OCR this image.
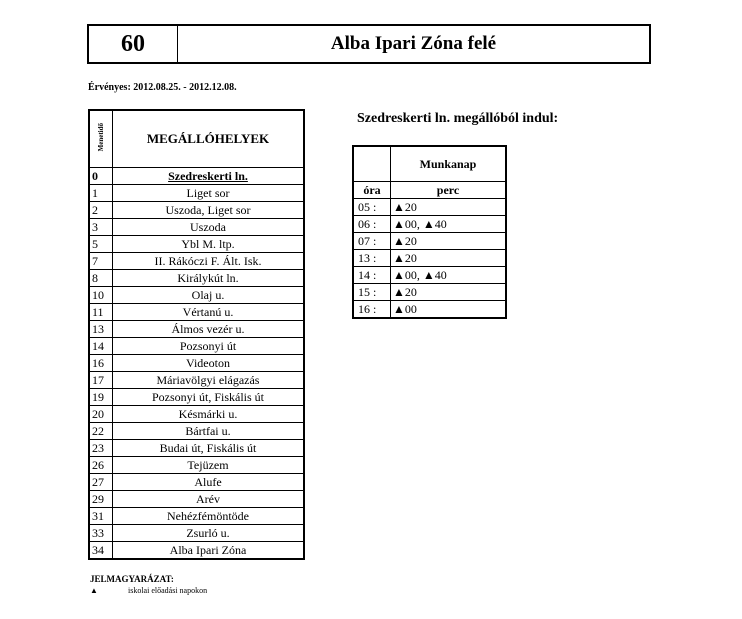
60	Alba Ipari Zóna felé
Érvényes: 2012.08.25. - 2012.12.08.
Menetidő	MEGÁLLÓHELYEK
0	Szedreskerti ln.
1	Liget sor
2	Uszoda, Liget sor
3	Uszoda
5	Ybl M. ltp.
7	II. Rákóczi F. Ált. Isk.
8	Királykút ln.
10	Olaj u.
11	Vértanú u.
13	Álmos vezér u.
14	Pozsonyi út
16	Videoton
17	Máriavölgyi elágazás
19	Pozsonyi út, Fiskális út
20	Késmárki u.
22	Bártfai u.
23	Budai út, Fiskális út
26	Tejüzem
27	Alufe
29	Arév
31	Nehézfémöntöde
33	Zsurló u.
34	Alba Ipari Zóna
Szedreskerti ln. megállóból indul:
	Munkanap
óra	perc
05 :	▲20
06 :	▲00, ▲40
07 :	▲20
13 :	▲20
14 :	▲00, ▲40
15 :	▲20
16 :	▲00
JELMAGYARÁZAT:
▲	iskolai előadási napokon
